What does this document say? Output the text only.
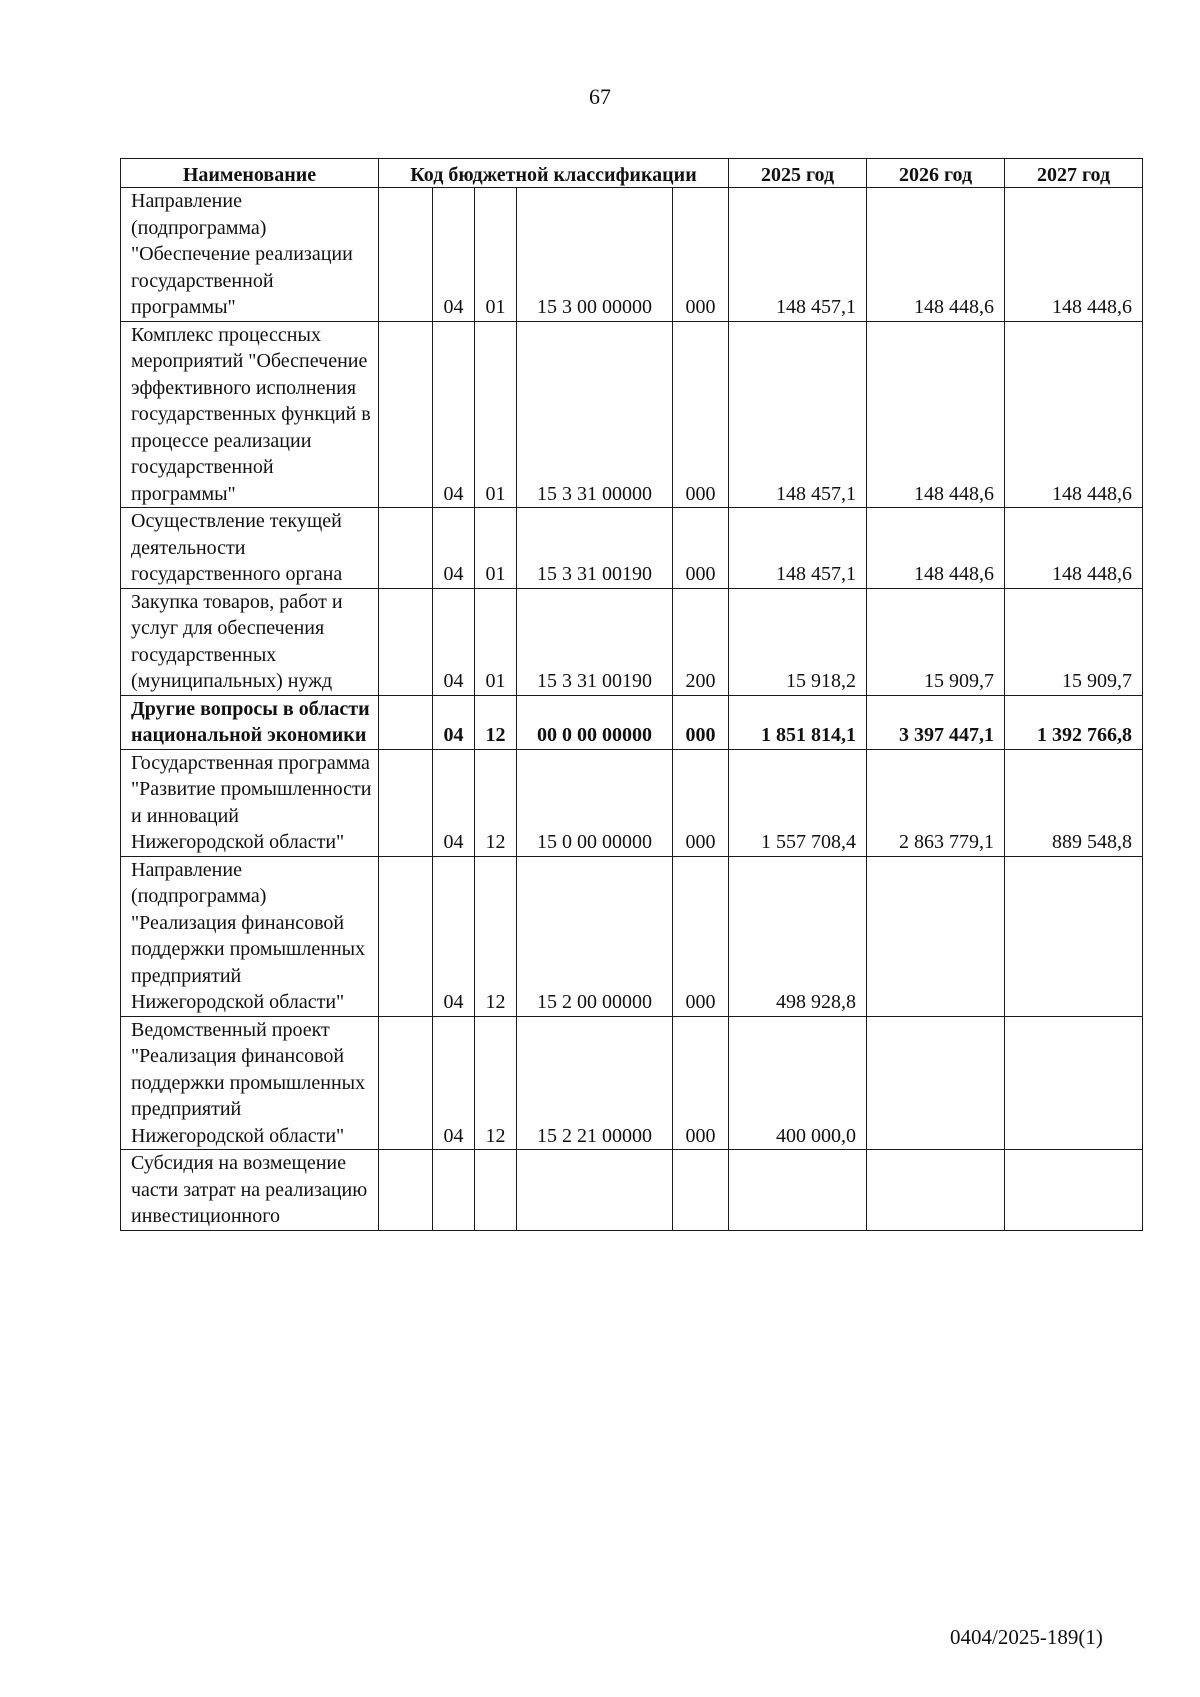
67
Наименование	Код бюджетной классификации					2025 год	2026 год	2027 год
Направление (подпрограмма) "Обеспечение реализации государственной программы"		04	01	15 3 00 00000	000	148 457,1	148 448,6	148 448,6
Комплекс процессных мероприятий "Обеспечение эффективного исполнения государственных функций в процессе реализации государственной программы"		04	01	15 3 31 00000	000	148 457,1	148 448,6	148 448,6
Осуществление текущей деятельности государственного органа		04	01	15 3 31 00190	000	148 457,1	148 448,6	148 448,6
Закупка товаров, работ и услуг для обеспечения государственных (муниципальных) нужд		04	01	15 3 31 00190	200	15 918,2	15 909,7	15 909,7
Другие вопросы в области национальной экономики		04	12	00 0 00 00000	000	1 851 814,1	3 397 447,1	1 392 766,8
Государственная программа "Развитие промышленности и инноваций Нижегородской области"		04	12	15 0 00 00000	000	1 557 708,4	2 863 779,1	889 548,8
Направление (подпрограмма) "Реализация финансовой поддержки промышленных предприятий Нижегородской области"		04	12	15 2 00 00000	000	498 928,8		
Ведомственный проект "Реализация финансовой поддержки промышленных предприятий Нижегородской области"		04	12	15 2 21 00000	000	400 000,0		
Субсидия на возмещение части затрат на реализацию инвестиционного								
0404/2025-189(1)
